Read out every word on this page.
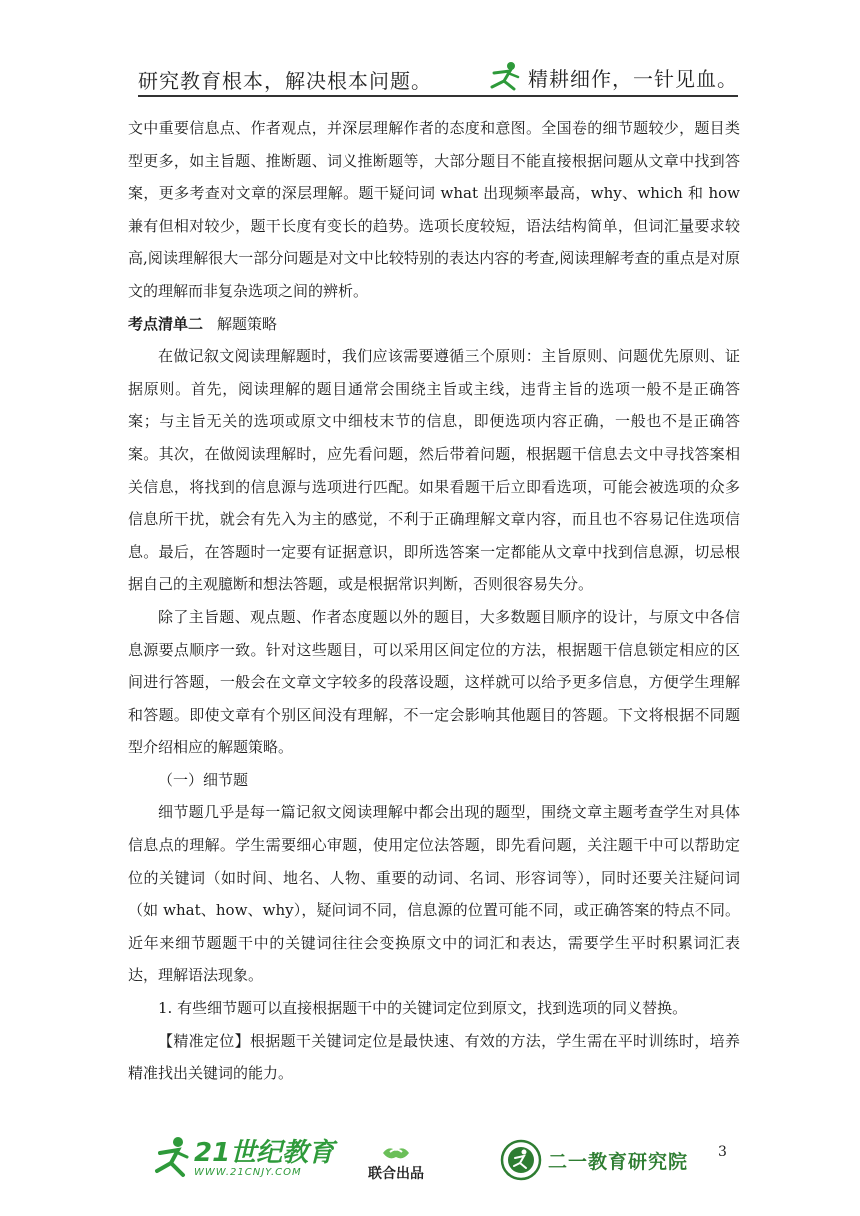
研究教育根本，解决根本问题。	精耕细作，一针见血。

文中重要信息点、作者观点，并深层理解作者的态度和意图。全国卷的细节题较少，题目类型更多，如主旨题、推断题、词义推断题等，大部分题目不能直接根据问题从文章中找到答案，更多考查对文章的深层理解。题干疑问词 what 出现频率最高，why、which 和 how 兼有但相对较少，题干长度有变长的趋势。选项长度较短，语法结构简单，但词汇量要求较高,阅读理解很大一部分问题是对文中比较特别的表达内容的考查,阅读理解考查的重点是对原文的理解而非复杂选项之间的辨析。

考点清单二 解题策略

在做记叙文阅读理解题时，我们应该需要遵循三个原则：主旨原则、问题优先原则、证据原则。首先，阅读理解的题目通常会围绕主旨或主线，违背主旨的选项一般不是正确答案；与主旨无关的选项或原文中细枝末节的信息，即便选项内容正确，一般也不是正确答案。其次，在做阅读理解时，应先看问题，然后带着问题，根据题干信息去文中寻找答案相关信息，将找到的信息源与选项进行匹配。如果看题干后立即看选项，可能会被选项的众多信息所干扰，就会有先入为主的感觉，不利于正确理解文章内容，而且也不容易记住选项信息。最后，在答题时一定要有证据意识，即所选答案一定都能从文章中找到信息源，切忌根据自己的主观臆断和想法答题，或是根据常识判断，否则很容易失分。

除了主旨题、观点题、作者态度题以外的题目，大多数题目顺序的设计，与原文中各信息源要点顺序一致。针对这些题目，可以采用区间定位的方法，根据题干信息锁定相应的区间进行答题，一般会在文章文字较多的段落设题，这样就可以给予更多信息，方便学生理解和答题。即使文章有个别区间没有理解，不一定会影响其他题目的答题。下文将根据不同题型介绍相应的解题策略。

（一）细节题

细节题几乎是每一篇记叙文阅读理解中都会出现的题型，围绕文章主题考查学生对具体信息点的理解。学生需要细心审题，使用定位法答题，即先看问题，关注题干中可以帮助定位的关键词（如时间、地名、人物、重要的动词、名词、形容词等），同时还要关注疑问词（如 what、how、why），疑问词不同，信息源的位置可能不同，或正确答案的特点不同。近年来细节题题干中的关键词往往会变换原文中的词汇和表达，需要学生平时积累词汇表达，理解语法现象。

1. 有些细节题可以直接根据题干中的关键词定位到原文，找到选项的同义替换。

【精准定位】根据题干关键词定位是最快速、有效的方法，学生需在平时训练时，培养精准找出关键词的能力。

21世纪教育
WWW.21CNJY.COM	联合出品
二一教育研究院 3
